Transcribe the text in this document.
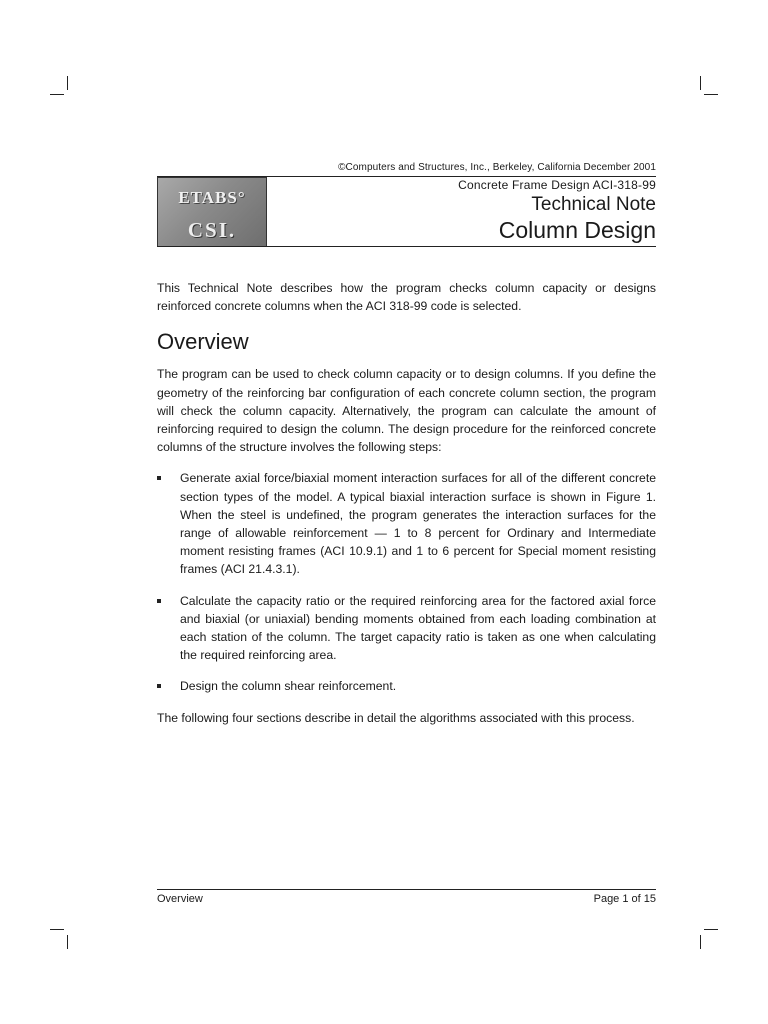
©Computers and Structures, Inc., Berkeley, California December 2001
ETABS°
CSI.
Concrete Frame Design ACI-318-99
Technical Note
Column Design

This Technical Note describes how the program checks column capacity or designs reinforced concrete columns when the ACI 318-99 code is selected.

Overview

The program can be used to check column capacity or to design columns. If you define the geometry of the reinforcing bar configuration of each concrete column section, the program will check the column capacity. Alternatively, the program can calculate the amount of reinforcing required to design the column. The design procedure for the reinforced concrete columns of the structure involves the following steps:

Generate axial force/biaxial moment interaction surfaces for all of the different concrete section types of the model. A typical biaxial interaction surface is shown in Figure 1. When the steel is undefined, the program generates the interaction surfaces for the range of allowable reinforcement — 1 to 8 percent for Ordinary and Intermediate moment resisting frames (ACI 10.9.1) and 1 to 6 percent for Special moment resisting frames (ACI 21.4.3.1).
Calculate the capacity ratio or the required reinforcing area for the factored axial force and biaxial (or uniaxial) bending moments obtained from each loading combination at each station of the column. The target capacity ratio is taken as one when calculating the required reinforcing area.
Design the column shear reinforcement.

The following four sections describe in detail the algorithms associated with this process.

Overview	Page 1 of 15
